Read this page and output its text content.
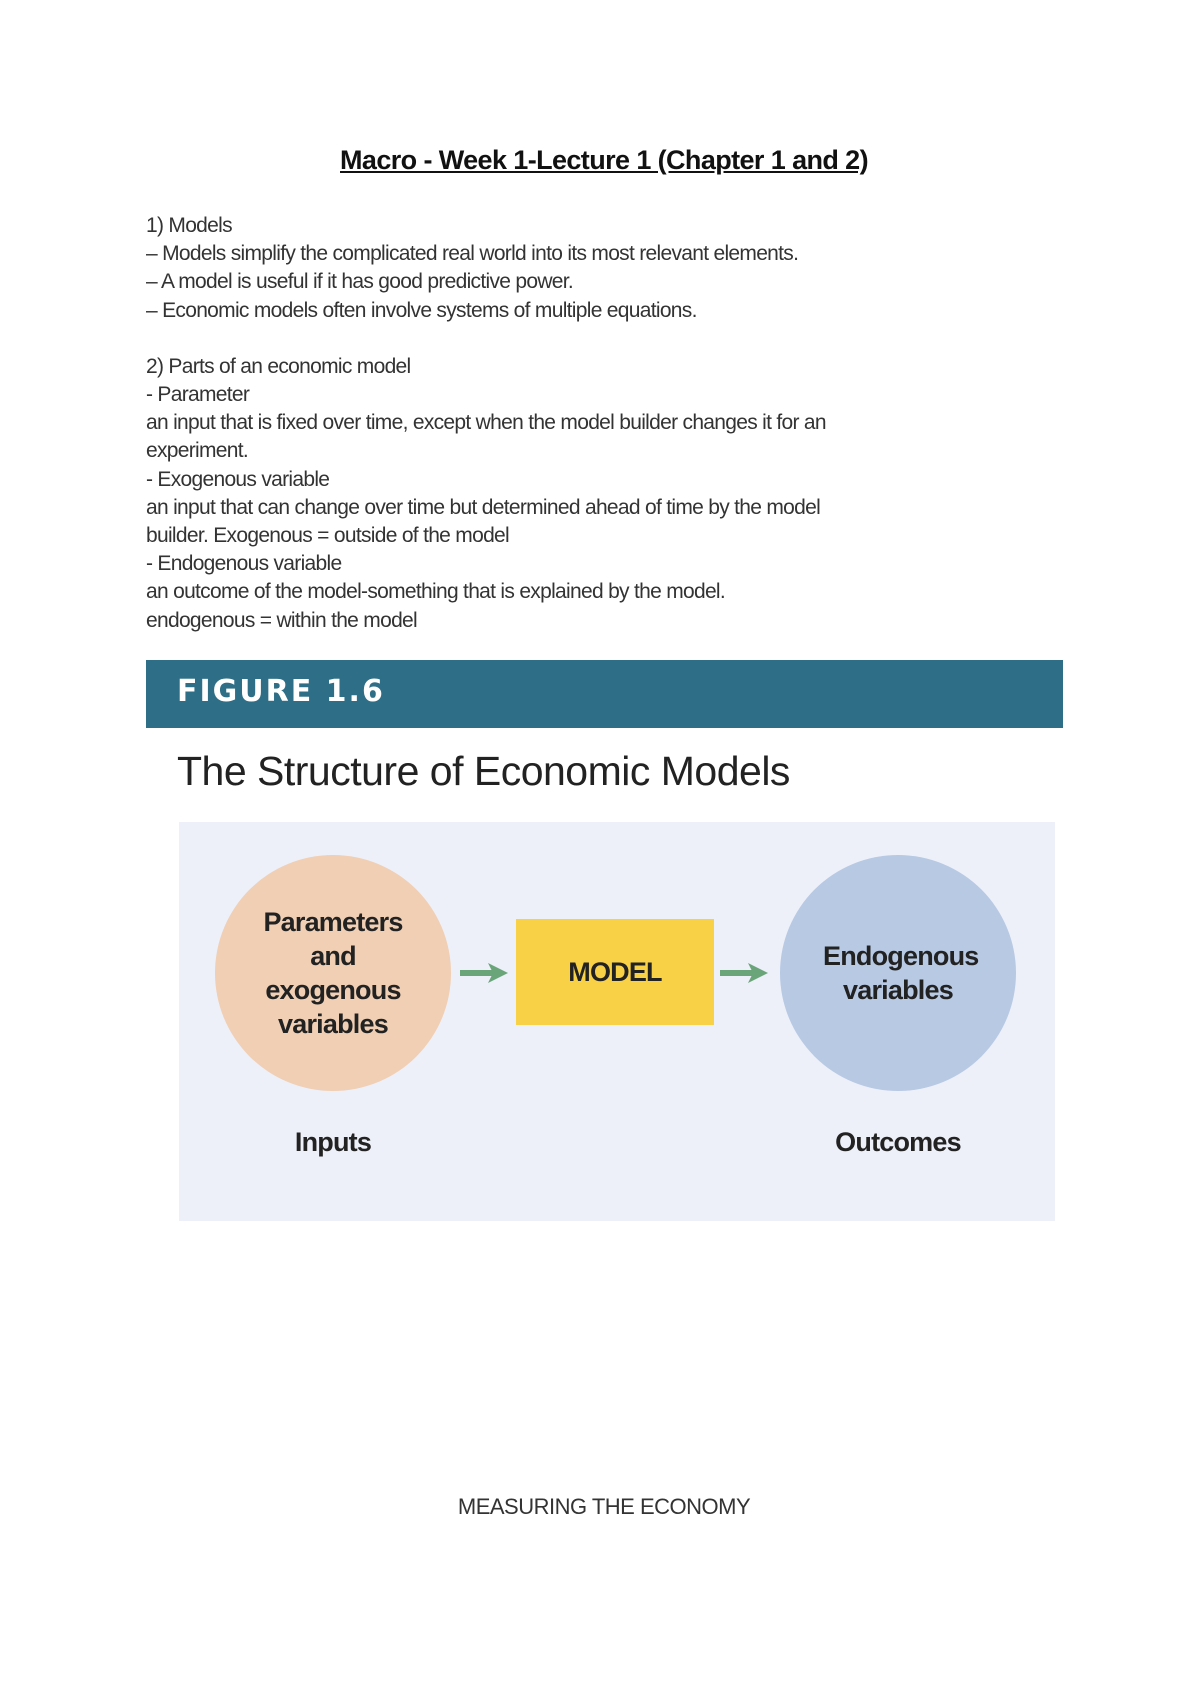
Macro - Week 1-Lecture 1 (Chapter 1 and 2)
1) Models
– Models simplify the complicated real world into its most relevant elements.
– A model is useful if it has good predictive power.
– Economic models often involve systems of multiple equations.
2) Parts of an economic model
- Parameter
an input that is fixed over time, except when the model builder changes it for an
experiment.
- Exogenous variable
an input that can change over time but determined ahead of time by the model
builder. Exogenous = outside of the model
- Endogenous variable
an outcome of the model-something that is explained by the model.
endogenous = within the model
FIGURE 1.6
The Structure of Economic Models
Parameters and exogenous variables
MODEL
Endogenous variables
Inputs	Outcomes
MEASURING THE ECONOMY
